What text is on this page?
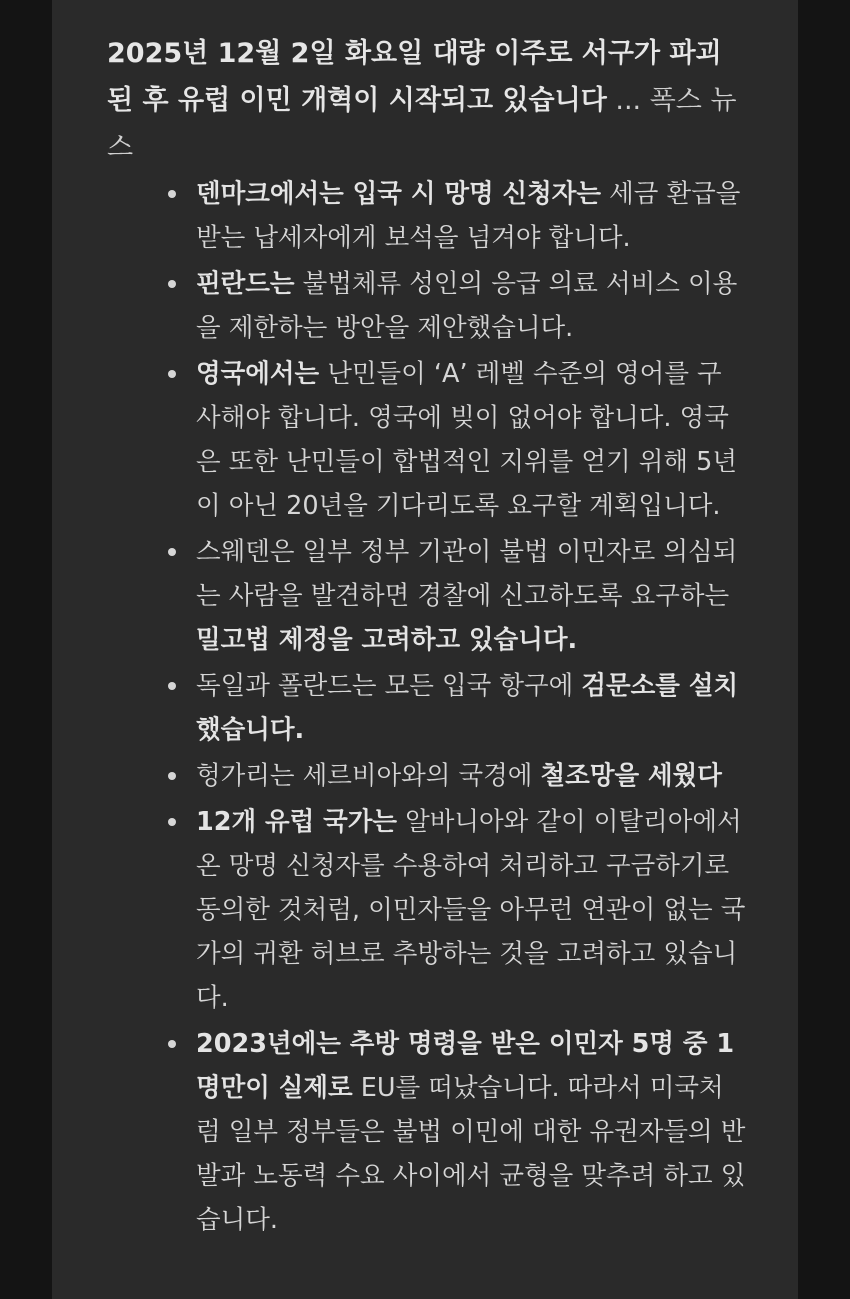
2025년 12월 2일 화요일 대량 이주로 서구가 파괴된 후 유럽 이민 개혁이 시작되고 있습니다 ... 폭스 뉴스

덴마크에서는 입국 시 망명 신청자는 세금 환급을 받는 납세자에게 보석을 넘겨야 합니다.
핀란드는 불법체류 성인의 응급 의료 서비스 이용 을 제한하는 방안을 제안했습니다.
영국에서는 난민들이 ‘A’ 레벨 수준의 영어를 구사해야 합니다. 영국에 빚이 없어야 합니다. 영국은 또한 난민들이 합법적인 지위를 얻기 위해 5년이 아닌 20년을 기다리도록 요구할 계획입니다.
스웨덴은 일부 정부 기관이 불법 이민자로 의심되는 사람을 발견하면 경찰에 신고하도록 요구하는 밀고법 제정을 고려하고 있습니다.
독일과 폴란드는 모든 입국 항구에 검문소를 설치했습니다.
헝가리는 세르비아와의 국경에 철조망을 세웠다
12개 유럽 국가는 알바니아와 같이 이탈리아에서 온 망명 신청자를 수용하여 처리하고 구금하기로 동의한 것처럼, 이민자들을 아무런 연관이 없는 국가의 귀환 허브로 추방하는 것을 고려하고 있습니다.
2023년에는 추방 명령을 받은 이민자 5명 중 1명만이 실제로 EU를 떠났습니다. 따라서 미국처럼 일부 정부들은 불법 이민에 대한 유권자들의 반발과 노동력 수요 사이에서 균형을 맞추려 하고 있습니다.
